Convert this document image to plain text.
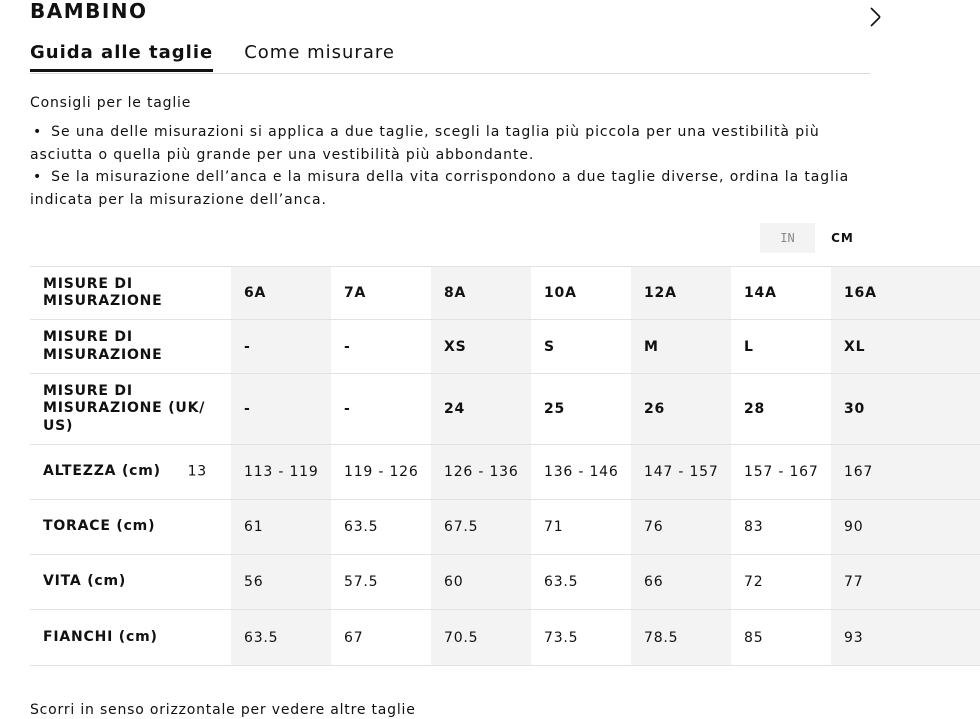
BAMBINO
Guida alle taglie Come misurare
Consigli per le taglie
• Se una delle misurazioni si applica a due taglie, scegli la taglia più piccola per una vestibilità più asciutta o quella più grande per una vestibilità più abbondante.
• Se la misurazione dell’anca e la misura della vita corrispondono a due taglie diverse, ordina la taglia indicata per la misurazione dell’anca.
IN	CM
MISURE DI MISURAZIONE	6A	7A	8A	10A	12A	14A	16A
MISURE DI MISURAZIONE	-	-	XS	S	M	L	XL
MISURE DI MISURAZIONE (UK/ US)	-	-	24	25	26	28	30
ALTEZZA (cm) 13	113 - 119	119 - 126	126 - 136	136 - 146	147 - 157	157 - 167	167
TORACE (cm)	61	63.5	67.5	71	76	83	90
VITA (cm)	56	57.5	60	63.5	66	72	77
FIANCHI (cm)	63.5	67	70.5	73.5	78.5	85	93
Scorri in senso orizzontale per vedere altre taglie
